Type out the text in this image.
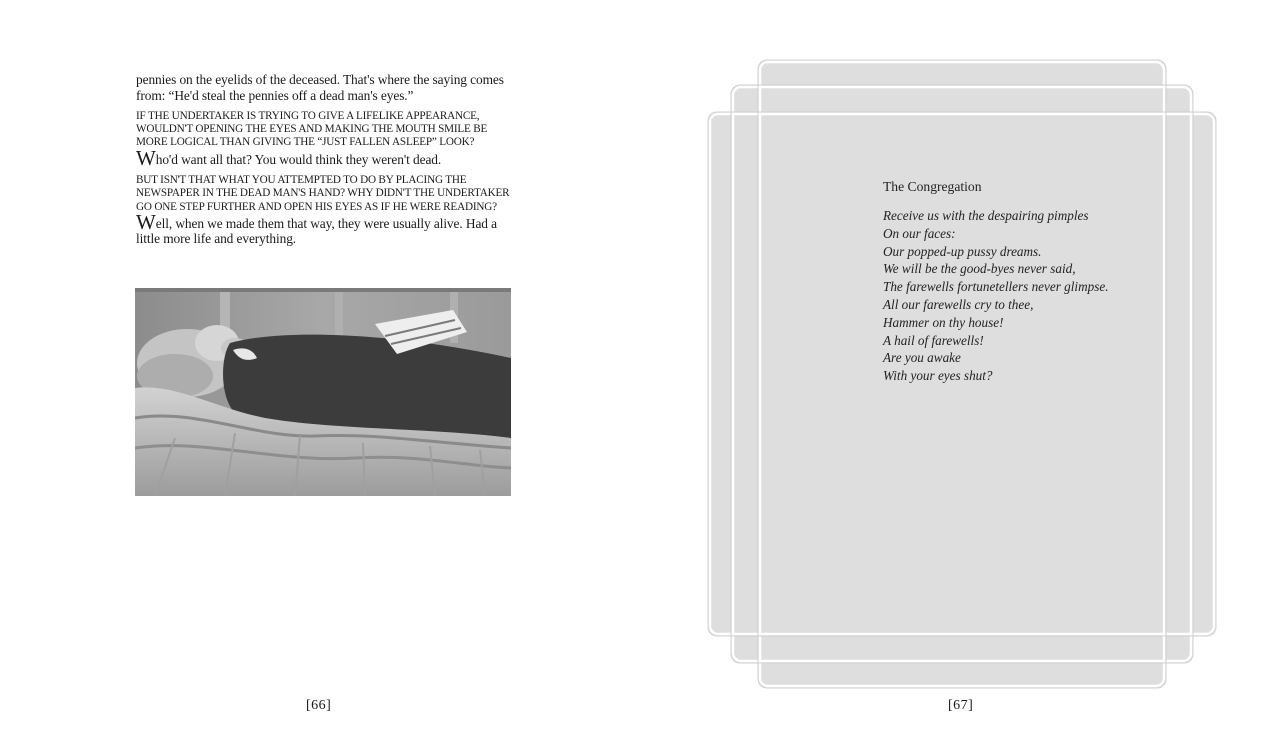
pennies on the eyelids of the deceased. That's where the saying comes from: “He'd steal the pennies off a dead man's eyes.”

IF THE UNDERTAKER IS TRYING TO GIVE A LIFELIKE APPEARANCE, WOULDN'T OPENING THE EYES AND MAKING THE MOUTH SMILE BE MORE LOGICAL THAN GIVING THE “JUST FALLEN ASLEEP” LOOK?

Who'd want all that? You would think they weren't dead.

BUT ISN'T THAT WHAT YOU ATTEMPTED TO DO BY PLACING THE NEWSPAPER IN THE DEAD MAN'S HAND? WHY DIDN'T THE UNDERTAKER GO ONE STEP FURTHER AND OPEN HIS EYES AS IF HE WERE READING?

Well, when we made them that way, they were usually alive. Had a little more life and everything.

[66]

The Congregation

Receive us with the despairing pimples
On our faces:
Our popped-up pussy dreams.
We will be the good-byes never said,
The farewells fortunetellers never glimpse.
All our farewells cry to thee,
Hammer on thy house!
A hail of farewells!
Are you awake
With your eyes shut?
[67]
